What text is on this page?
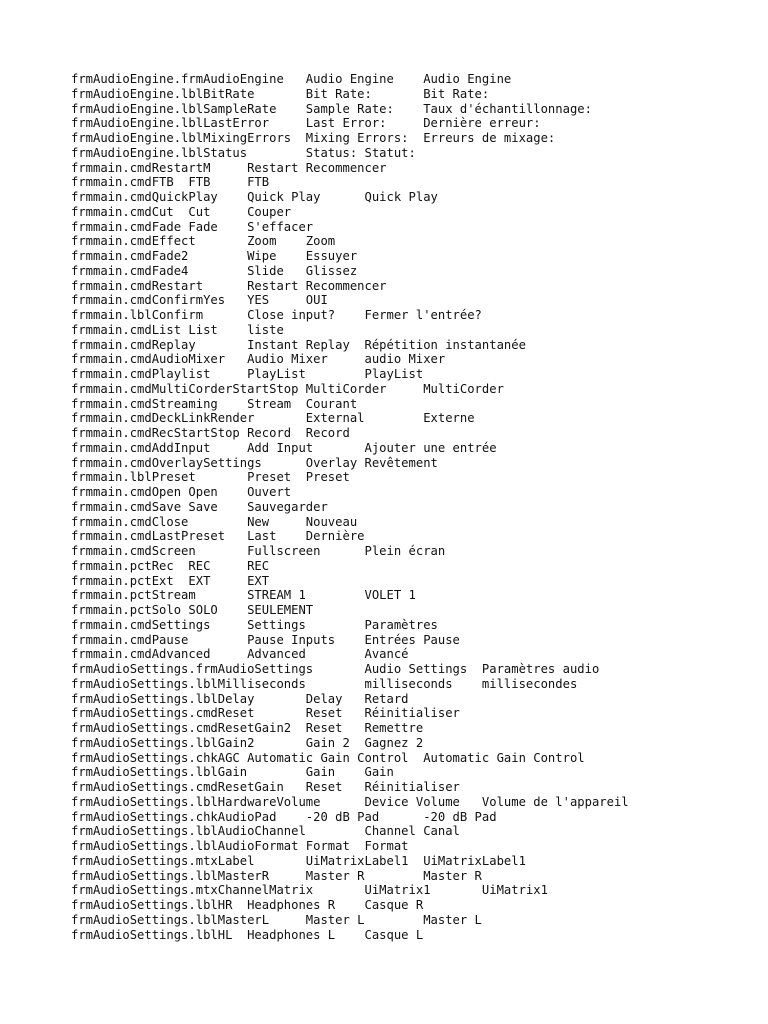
frmAudioEngine.frmAudioEngine   Audio Engine    Audio Engine
frmAudioEngine.lblBitRate       Bit Rate:       Bit Rate:
frmAudioEngine.lblSampleRate    Sample Rate:    Taux d'échantillonnage:
frmAudioEngine.lblLastError     Last Error:     Dernière erreur:
frmAudioEngine.lblMixingErrors  Mixing Errors:  Erreurs de mixage:
frmAudioEngine.lblStatus        Status: Statut:
frmmain.cmdRestartM     Restart Recommencer
frmmain.cmdFTB  FTB     FTB
frmmain.cmdQuickPlay    Quick Play      Quick Play
frmmain.cmdCut  Cut     Couper
frmmain.cmdFade Fade    S'effacer
frmmain.cmdEffect       Zoom    Zoom
frmmain.cmdFade2        Wipe    Essuyer
frmmain.cmdFade4        Slide   Glissez
frmmain.cmdRestart      Restart Recommencer
frmmain.cmdConfirmYes   YES     OUI
frmmain.lblConfirm      Close input?    Fermer l'entrée?
frmmain.cmdList List    liste
frmmain.cmdReplay       Instant Replay  Répétition instantanée
frmmain.cmdAudioMixer   Audio Mixer     audio Mixer
frmmain.cmdPlaylist     PlayList        PlayList
frmmain.cmdMultiCorderStartStop MultiCorder     MultiCorder
frmmain.cmdStreaming    Stream  Courant
frmmain.cmdDeckLinkRender       External        Externe
frmmain.cmdRecStartStop Record  Record
frmmain.cmdAddInput     Add Input       Ajouter une entrée
frmmain.cmdOverlaySettings      Overlay Revêtement
frmmain.lblPreset       Preset  Preset
frmmain.cmdOpen Open    Ouvert
frmmain.cmdSave Save    Sauvegarder
frmmain.cmdClose        New     Nouveau
frmmain.cmdLastPreset   Last    Dernière
frmmain.cmdScreen       Fullscreen      Plein écran
frmmain.pctRec  REC     REC
frmmain.pctExt  EXT     EXT
frmmain.pctStream       STREAM 1        VOLET 1
frmmain.pctSolo SOLO    SEULEMENT
frmmain.cmdSettings     Settings        Paramètres
frmmain.cmdPause        Pause Inputs    Entrées Pause
frmmain.cmdAdvanced     Advanced        Avancé
frmAudioSettings.frmAudioSettings       Audio Settings  Paramètres audio
frmAudioSettings.lblMilliseconds        milliseconds    millisecondes
frmAudioSettings.lblDelay       Delay   Retard
frmAudioSettings.cmdReset       Reset   Réinitialiser
frmAudioSettings.cmdResetGain2  Reset   Remettre
frmAudioSettings.lblGain2       Gain 2  Gagnez 2
frmAudioSettings.chkAGC Automatic Gain Control  Automatic Gain Control
frmAudioSettings.lblGain        Gain    Gain
frmAudioSettings.cmdResetGain   Reset   Réinitialiser
frmAudioSettings.lblHardwareVolume      Device Volume   Volume de l'appareil
frmAudioSettings.chkAudioPad    -20 dB Pad      -20 dB Pad
frmAudioSettings.lblAudioChannel        Channel Canal
frmAudioSettings.lblAudioFormat Format  Format
frmAudioSettings.mtxLabel       UiMatrixLabel1  UiMatrixLabel1
frmAudioSettings.lblMasterR     Master R        Master R
frmAudioSettings.mtxChannelMatrix       UiMatrix1       UiMatrix1
frmAudioSettings.lblHR  Headphones R    Casque R
frmAudioSettings.lblMasterL     Master L        Master L
frmAudioSettings.lblHL  Headphones L    Casque L
